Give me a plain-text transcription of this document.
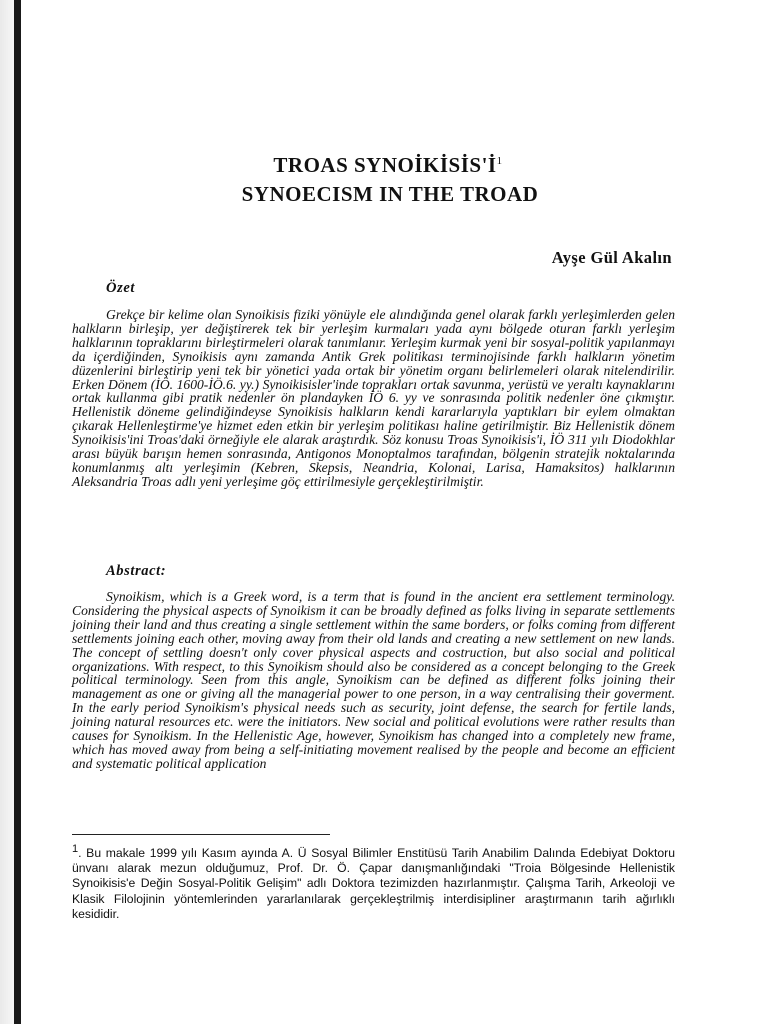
TROAS $SYNOİKİSİS'İ^1$
SYNOECISM IN THE TROAD
Ayşe Gül Akalın
Özet

Grekçe bir kelime olan Synoikisis fiziki yönüyle ele alındığında genel olarak farklı yerleşimlerden gelen halkların birleşip, yer değiştirerek tek bir yerleşim kurmaları yada aynı bölgede oturan farklı yerleşim halklarının topraklarını birleştirmeleri olarak tanımlanır. Yerleşim kurmak yeni bir sosyal-politik yapılanmayı da içerdiğinden, Synoikisis aynı zamanda Antik Grek politikası terminojisinde farklı halkların yönetim düzenlerini birleştirip yeni tek bir yönetici yada ortak bir yönetim organı belirlemeleri olarak nitelendirilir. Erken Dönem (İÖ. 1600-İÖ.6. yy.) Synoikisisler'inde toprakları ortak savunma, yerüstü ve yeraltı kaynaklarını ortak kullanma gibi pratik nedenler ön plandayken İÖ 6. yy ve sonrasında politik nedenler öne çıkmıştır. Hellenistik döneme gelindiğindeyse Synoikisis halkların kendi kararlarıyla yaptıkları bir eylem olmaktan çıkarak Hellenleştirme'ye hizmet eden etkin bir yerleşim politikası haline getirilmiştir. Biz Hellenistik dönem Synoikisis'ini Troas'daki örneğiyle ele alarak araştırdık. Söz konusu Troas Synoikisis'i, İÖ 311 yılı Diodokhlar arası büyük barışın hemen sonrasında, Antigonos Monoptalmos tarafından, bölgenin stratejik noktalarında konumlanmış altı yerleşimin (Kebren, Skepsis, Neandria, Kolonai, Larisa, Hamaksitos) halklarının Aleksandria Troas adlı yeni yerleşime göç ettirilmesiyle gerçekleştirilmiştir.

Abstract:

Synoikism, which is a Greek word, is a term that is found in the ancient era settlement terminology. Considering the physical aspects of Synoikism it can be broadly defined as folks living in separate settlements joining their land and thus creating a single settlement within the same borders, or folks coming from different settlements joining each other, moving away from their old lands and creating a new settlement on new lands. The concept of settling doesn't only cover physical aspects and costruction, but also social and political organizations. With respect, to this Synoikism should also be considered as a concept belonging to the Greek political terminology. Seen from this angle, Synoikism can be defined as different folks joining their management as one or giving all the managerial power to one person, in a way centralising their goverment. In the early period Synoikism's physical needs such as security, joint defense, the search for fertile lands, joining natural resources etc. were the initiators. New social and political evolutions were rather results than causes for Synoikism. In the Hellenistic Age, however, Synoikism has changed into a completely new frame, which has moved away from being a self-initiating movement realised by the people and become an efficient and systematic political application

$^1$. Bu makale 1999 yılı Kasım ayında A. Ü Sosyal Bilimler Enstitüsü Tarih Anabilim Dalında Edebiyat Doktoru ünvanı alarak mezun olduğumuz, Prof. Dr. Ö. Çapar danışmanlığındaki "Troia Bölgesinde Hellenistik Synoikisis'e Değin Sosyal-Politik Gelişim" adlı Doktora tezimizden hazırlanmıştır. Çalışma Tarih, Arkeoloji ve Klasik Filolojinin yöntemlerinden yararlanılarak gerçekleştrilmiş interdisipliner araştırmanın tarih ağırlıklı kesididir.
